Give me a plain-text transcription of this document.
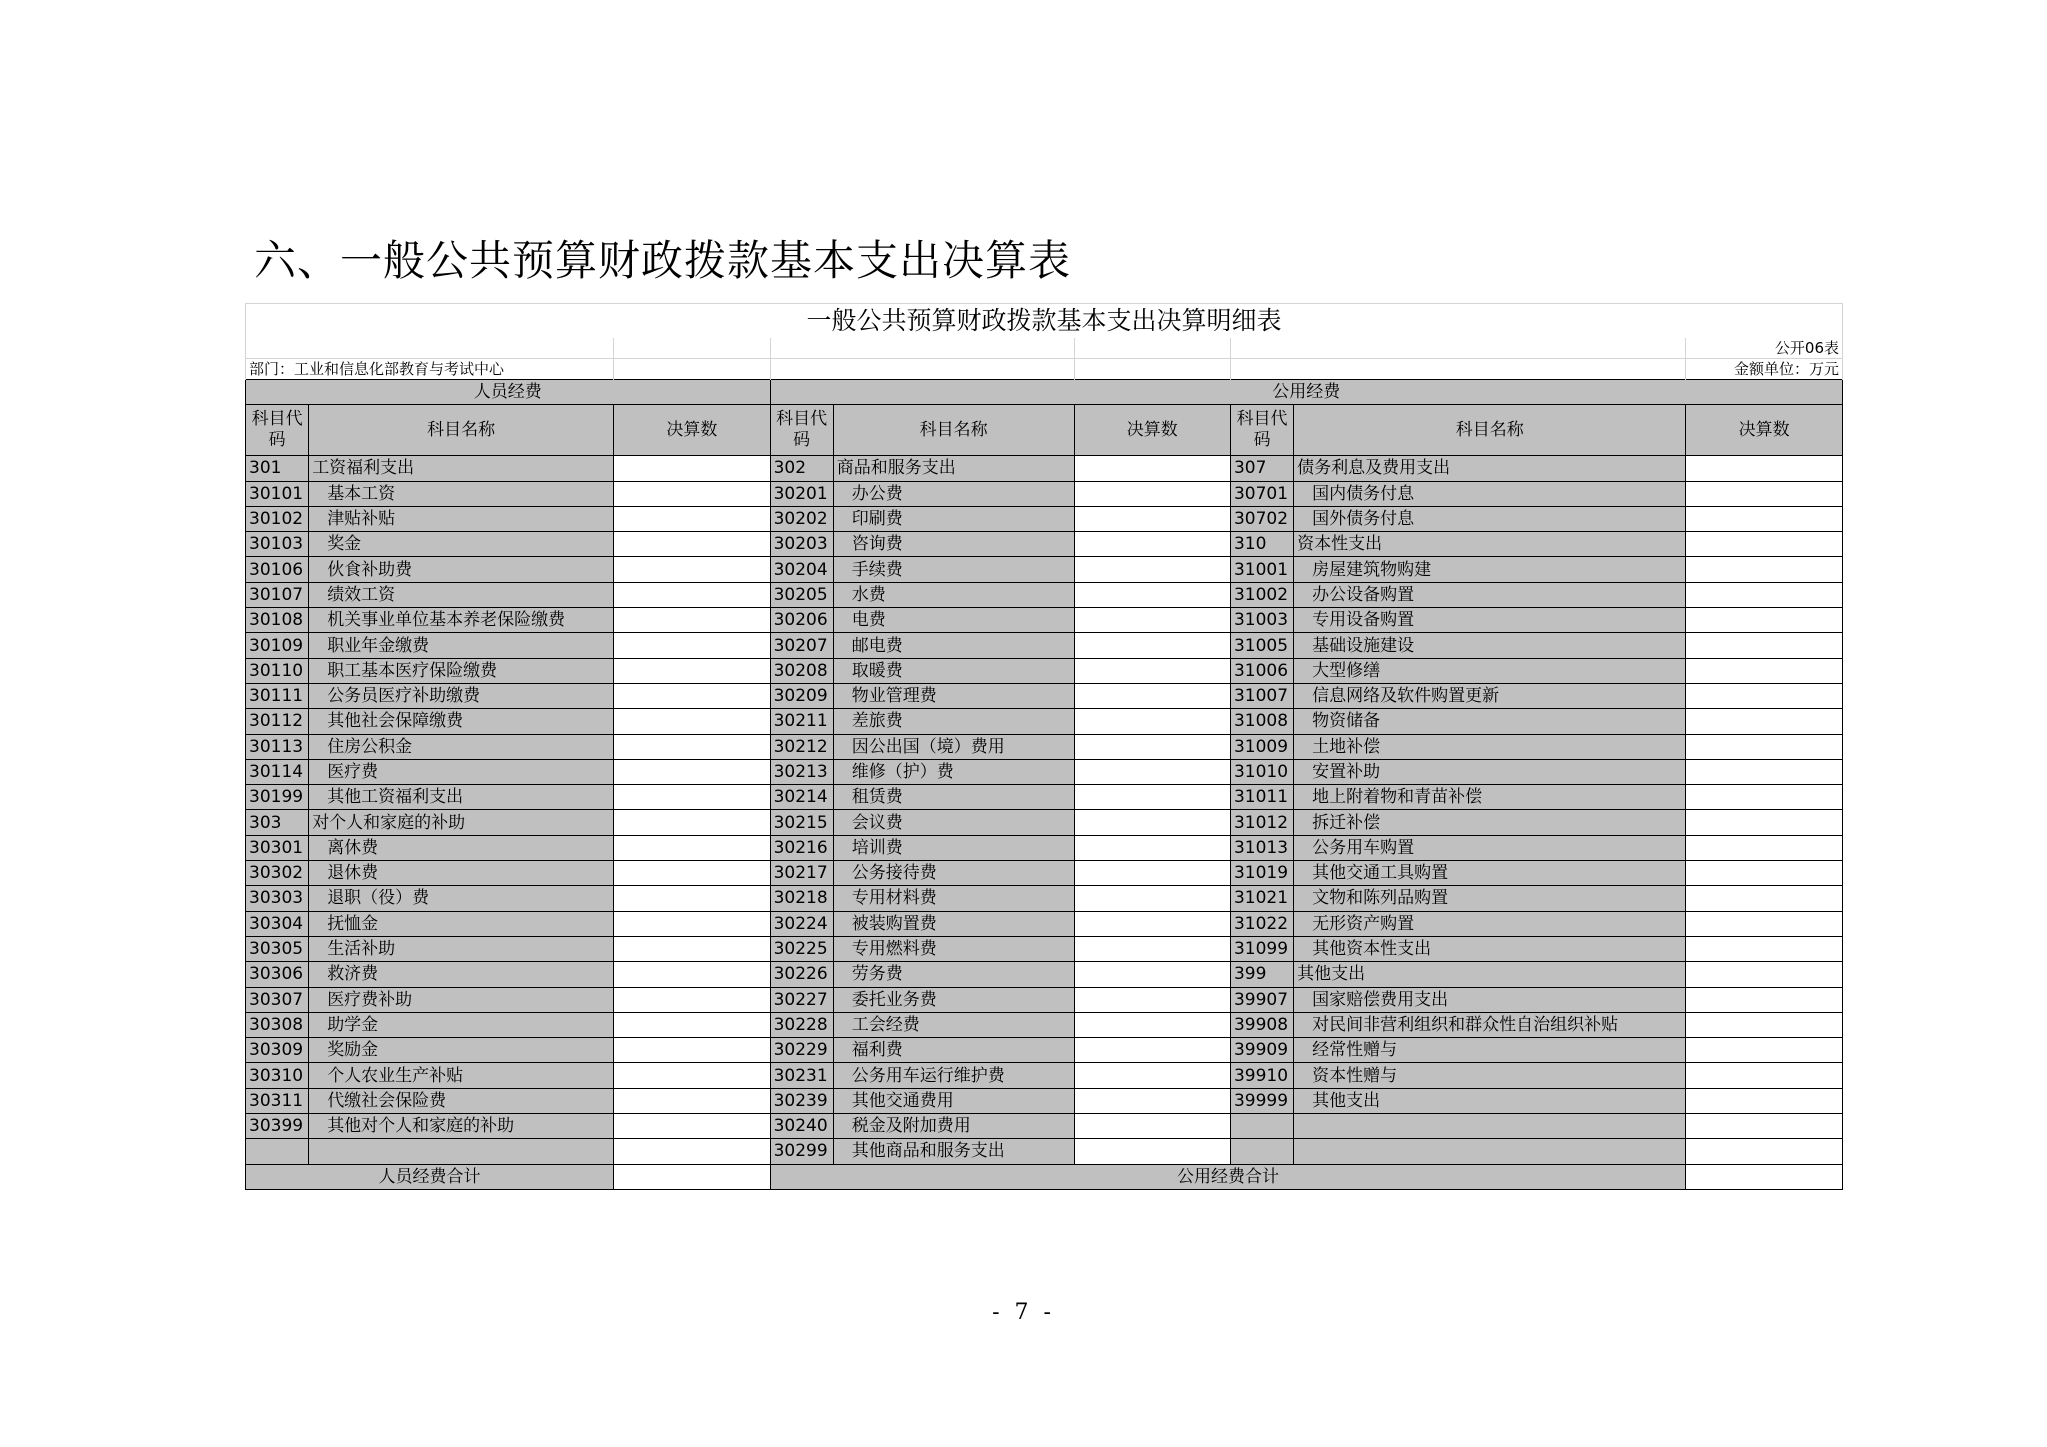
六、一般公共预算财政拨款基本支出决算表
一般公共预算财政拨款基本支出决算明细表								
								公开06表
部门：工业和信息化部教育与考试中心								金额单位：万元
人员经费			公用经费					
科目代码	科目名称	决算数	科目代码	科目名称	决算数	科目代码	科目名称	决算数
301	工资福利支出		302	商品和服务支出		307	债务利息及费用支出	
30101	基本工资		30201	办公费		30701	国内债务付息	
30102	津贴补贴		30202	印刷费		30702	国外债务付息	
30103	奖金		30203	咨询费		310	资本性支出	
30106	伙食补助费		30204	手续费		31001	房屋建筑物购建	
30107	绩效工资		30205	水费		31002	办公设备购置	
30108	机关事业单位基本养老保险缴费		30206	电费		31003	专用设备购置	
30109	职业年金缴费		30207	邮电费		31005	基础设施建设	
30110	职工基本医疗保险缴费		30208	取暖费		31006	大型修缮	
30111	公务员医疗补助缴费		30209	物业管理费		31007	信息网络及软件购置更新	
30112	其他社会保障缴费		30211	差旅费		31008	物资储备	
30113	住房公积金		30212	因公出国（境）费用		31009	土地补偿	
30114	医疗费		30213	维修（护）费		31010	安置补助	
30199	其他工资福利支出		30214	租赁费		31011	地上附着物和青苗补偿	
303	对个人和家庭的补助		30215	会议费		31012	拆迁补偿	
30301	离休费		30216	培训费		31013	公务用车购置	
30302	退休费		30217	公务接待费		31019	其他交通工具购置	
30303	退职（役）费		30218	专用材料费		31021	文物和陈列品购置	
30304	抚恤金		30224	被装购置费		31022	无形资产购置	
30305	生活补助		30225	专用燃料费		31099	其他资本性支出	
30306	救济费		30226	劳务费		399	其他支出	
30307	医疗费补助		30227	委托业务费		39907	国家赔偿费用支出	
30308	助学金		30228	工会经费		39908	对民间非营利组织和群众性自治组织补贴	
30309	奖励金		30229	福利费		39909	经常性赠与	
30310	个人农业生产补贴		30231	公务用车运行维护费		39910	资本性赠与	
30311	代缴社会保险费		30239	其他交通费用		39999	其他支出	
30399	其他对个人和家庭的补助		30240	税金及附加费用				
			30299	其他商品和服务支出				
人员经费合计			公用经费合计					
- 7 -
